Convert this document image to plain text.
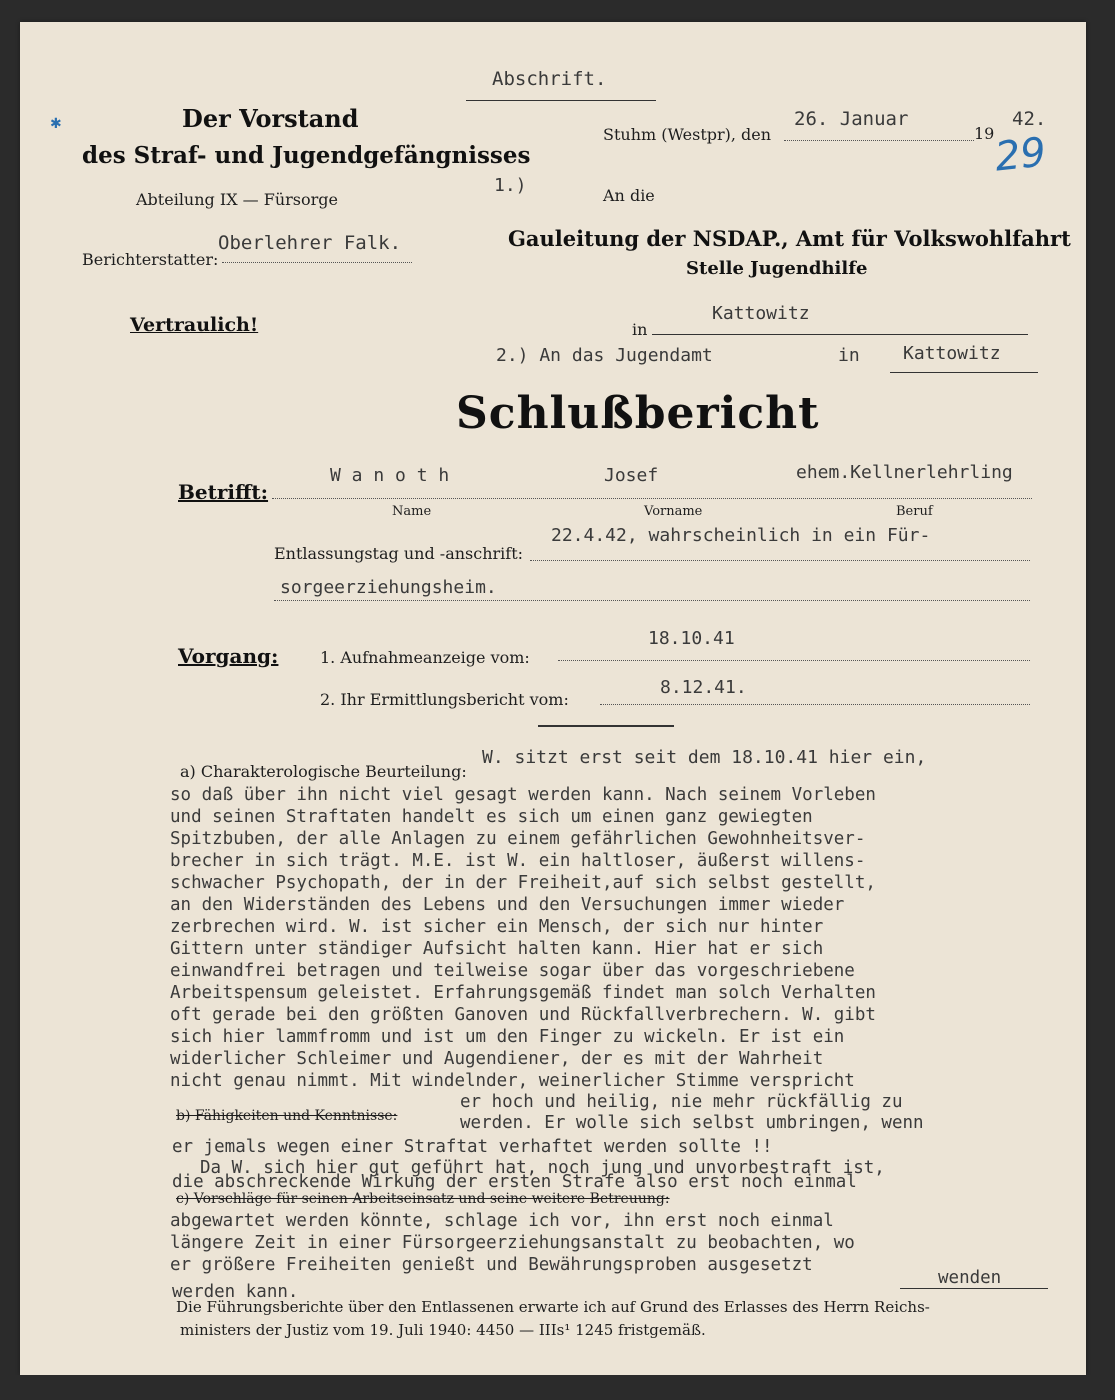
Abschrift.
Der Vorstand
des Straf- und Jugendgefängnisses
Abteilung IX — Fürsorge
✱
Berichterstatter:
Oberlehrer Falk.
Vertraulich!
Stuhm (Westpr), den
26. Januar
19
42.
29
1.)	An die
Gauleitung der NSDAP., Amt für Volkswohlfahrt
Stelle Jugendhilfe
in
Kattowitz
2.) An das Jugendamt	in Kattowitz
Schlußbericht
Betrifft:
W a n o t h	Josef	ehem.Kellnerlehrling
Name	Vorname	Beruf
Entlassungstag und -anschrift:
22.4.42, wahrscheinlich in ein Für-
sorgeerziehungsheim.
Vorgang:	1. Aufnahmeanzeige vom:
18.10.41
2. Ihr Ermittlungsbericht vom:
8.12.41.
a) Charakterologische Beurteilung:
W. sitzt erst seit dem 18.10.41 hier ein,
so daß über ihn nicht viel gesagt werden kann. Nach seinem Vorleben
und seinen Straftaten handelt es sich um einen ganz gewiegten
Spitzbuben, der alle Anlagen zu einem gefährlichen Gewohnheitsver-
brecher in sich trägt. M.E. ist W. ein haltloser, äußerst willens-
schwacher Psychopath, der in der Freiheit,auf sich selbst gestellt,
an den Widerständen des Lebens und den Versuchungen immer wieder
zerbrechen wird. W. ist sicher ein Mensch, der sich nur hinter
Gittern unter ständiger Aufsicht halten kann. Hier hat er sich
einwandfrei betragen und teilweise sogar über das vorgeschriebene
Arbeitspensum geleistet. Erfahrungsgemäß findet man solch Verhalten
oft gerade bei den größten Ganoven und Rückfallverbrechern. W. gibt
sich hier lammfromm und ist um den Finger zu wickeln. Er ist ein
widerlicher Schleimer und Augendiener, der es mit der Wahrheit
nicht genau nimmt. Mit windelnder, weinerlicher Stimme verspricht
b) Fähigkeiten und Kenntnisse:
er hoch und heilig, nie mehr rückfällig zu
werden. Er wolle sich selbst umbringen, wenn
er jemals wegen einer Straftat verhaftet werden sollte !!
Da W. sich hier gut geführt hat, noch jung und unvorbestraft ist,
die abschreckende Wirkung der ersten Strafe also erst noch einmal
c) Vorschläge für seinen Arbeitseinsatz und seine weitere Betreuung:
abgewartet werden könnte, schlage ich vor, ihn erst noch einmal
längere Zeit in einer Fürsorgeerziehungsanstalt zu beobachten, wo
er größere Freiheiten genießt und Bewährungsproben ausgesetzt
wenden
werden kann.
Die Führungsberichte über den Entlassenen erwarte ich auf Grund des Erlasses des Herrn Reichs-
ministers der Justiz vom 19. Juli 1940: 4450 — IIIs¹ 1245 fristgemäß.
